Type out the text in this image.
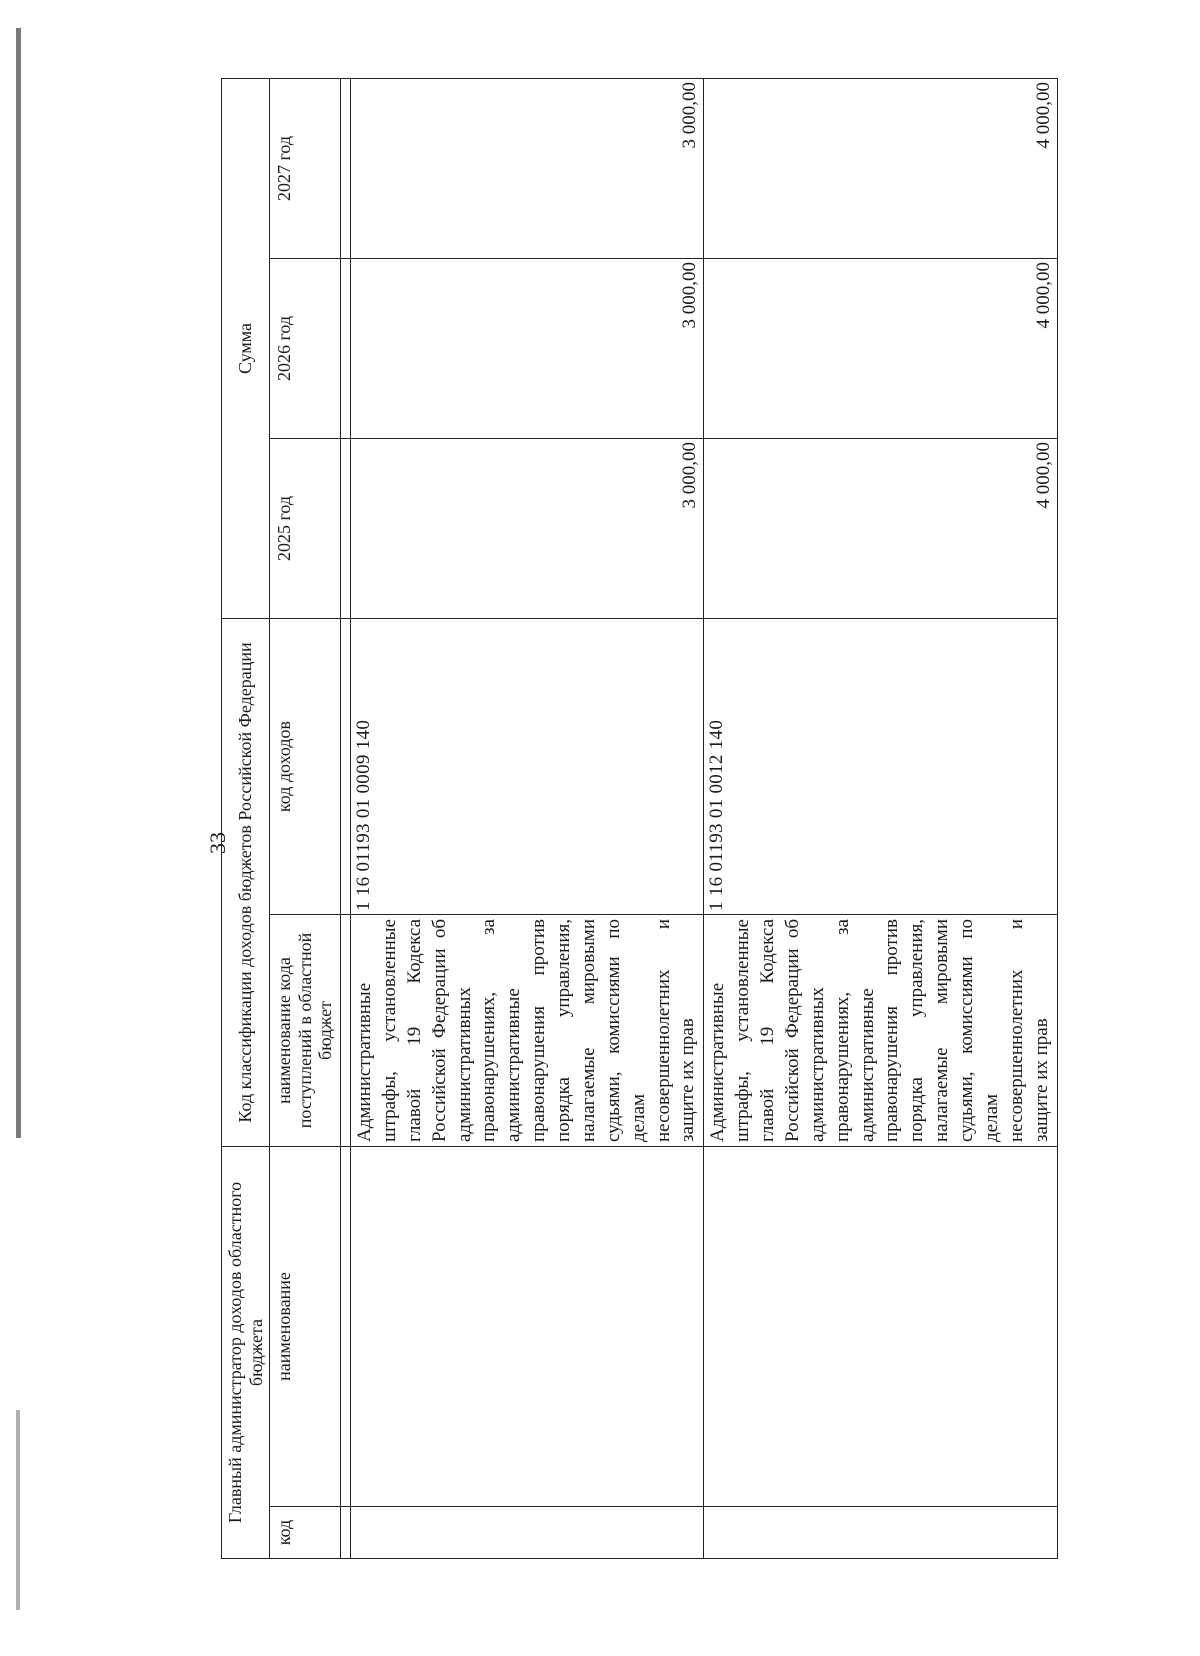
33
Главный администратор доходов областного бюджета		Код классификации доходов бюджетов Российской Федерации		Сумма		
код	наименование	наименование кода поступлений в областной бюджет	код доходов	2025 год	2026 год	2027 год

		Административные штрафы, установленные главой 19 Кодекса Российской Федерации об административных правонарушениях, за административные правонарушения против порядка управления, налагаемые мировыми судьями, комиссиями по делам несовершеннолетних и защите их прав	1 16 01193 01 0009 140	3 000,00	3 000,00	3 000,00
		Административные штрафы, установленные главой 19 Кодекса Российской Федерации об административных правонарушениях, за административные правонарушения против порядка управления, налагаемые мировыми судьями, комиссиями по делам несовершеннолетних и защите их прав	1 16 01193 01 0012 140	4 000,00	4 000,00	4 000,00
